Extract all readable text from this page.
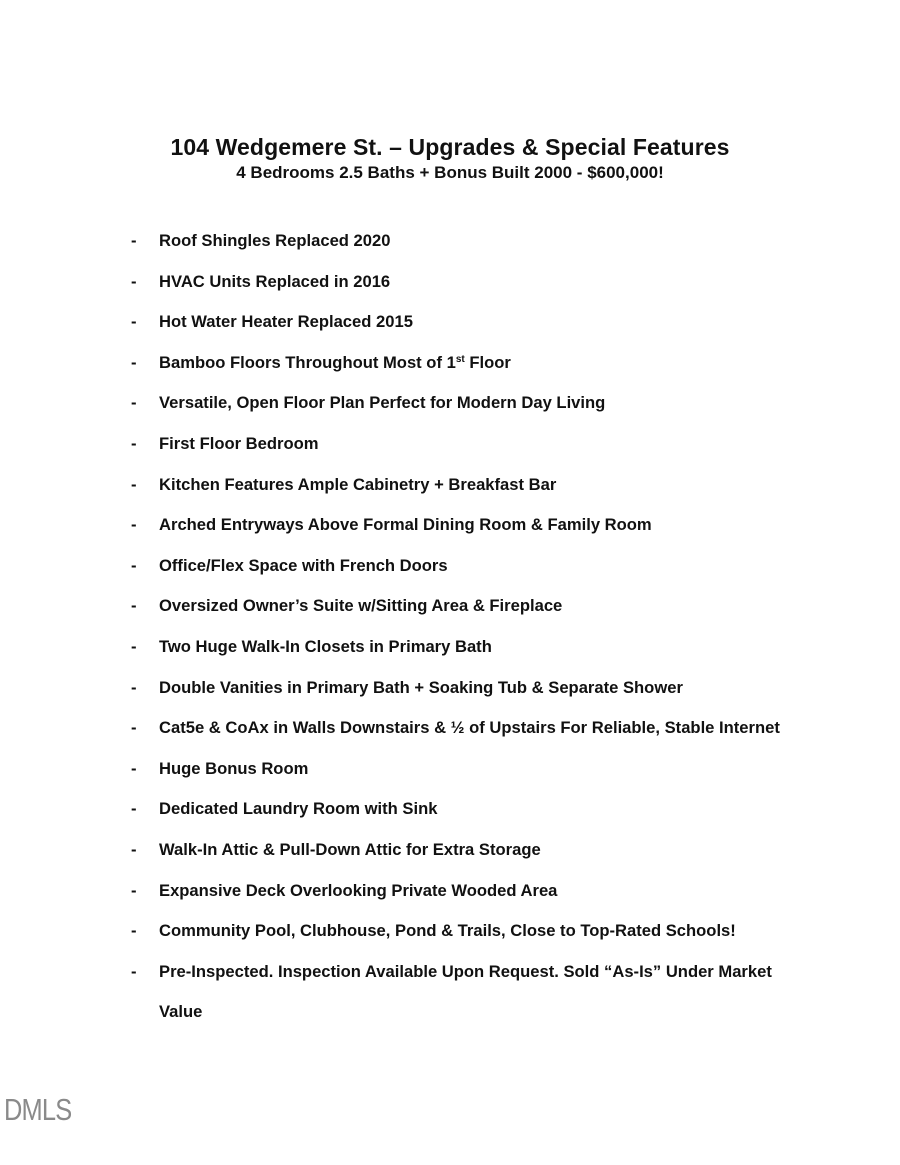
104 Wedgemere St. – Upgrades & Special Features

4 Bedrooms 2.5 Baths + Bonus Built 2000 - $600,000!

- Roof Shingles Replaced 2020
- HVAC Units Replaced in 2016
- Hot Water Heater Replaced 2015
- Bamboo Floors Throughout Most of 1st Floor
- Versatile, Open Floor Plan Perfect for Modern Day Living
- First Floor Bedroom
- Kitchen Features Ample Cabinetry + Breakfast Bar
- Arched Entryways Above Formal Dining Room & Family Room
- Office/Flex Space with French Doors
- Oversized Owner’s Suite w/Sitting Area & Fireplace
- Two Huge Walk-In Closets in Primary Bath
- Double Vanities in Primary Bath + Soaking Tub & Separate Shower
- Cat5e & CoAx in Walls Downstairs & ½ of Upstairs For Reliable, Stable Internet
- Huge Bonus Room
- Dedicated Laundry Room with Sink
- Walk-In Attic & Pull-Down Attic for Extra Storage
- Expansive Deck Overlooking Private Wooded Area
- Community Pool, Clubhouse, Pond & Trails, Close to Top-Rated Schools!
- Pre-Inspected. Inspection Available Upon Request. Sold “As-Is” Under Market Value
DMLS
